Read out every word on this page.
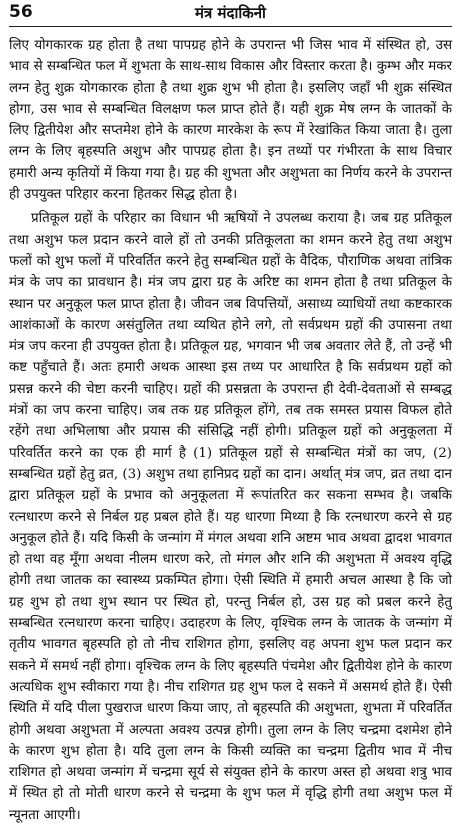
56	मंत्र मंदाकिनी

लिए योगकारक ग्रह होता है तथा पापग्रह होने के उपरान्त भी जिस भाव में संस्थित हो, उस भाव से सम्बन्धित फल में शुभता के साथ-साथ विकास और विस्तार करता है। कुम्भ और मकर लग्न हेतु शुक्र योगकारक होता है तथा शुक्र शुभ भी होता है। इसलिए जहाँ भी शुक्र संस्थित होगा, उस भाव से सम्बन्धित विलक्षण फल प्राप्त होते हैं। यही शुक्र मेष लग्न के जातकों के लिए द्वितीयेश और सप्तमेश होने के कारण मारकेश के रूप में रेखांकित किया जाता है। तुला लग्न के लिए बृहस्पति अशुभ और पापग्रह होता है। इन तथ्यों पर गंभीरता के साथ विचार हमारी अन्य कृतियों में किया गया है। ग्रह की शुभता और अशुभता का निर्णय करने के उपरान्त ही उपयुक्त परिहार करना हितकर सिद्ध होता है।

प्रतिकूल ग्रहों के परिहार का विधान भी ऋषियों ने उपलब्ध कराया है। जब ग्रह प्रतिकूल तथा अशुभ फल प्रदान करने वाले हों तो उनकी प्रतिकूलता का शमन करने हेतु तथा अशुभ फलों को शुभ फलों में परिवर्तित करने हेतु सम्बन्धित ग्रहों के वैदिक, पौराणिक अथवा तांत्रिक मंत्र के जप का प्रावधान है। मंत्र जप द्वारा ग्रह के अरिष्ट का शमन होता है तथा प्रतिकूल के स्थान पर अनुकूल फल प्राप्त होता है। जीवन जब विपत्तियों, असाध्य व्याधियों तथा कष्टकारक आशंकाओं के कारण असंतुलित तथा व्यथित होने लगे, तो सर्वप्रथम ग्रहों की उपासना तथा मंत्र जप करना ही उपयुक्त होता है। प्रतिकूल ग्रह, भगवान भी जब अवतार लेते हैं, तो उन्हें भी कष्ट पहुँचाते हैं। अतः हमारी अथक आस्था इस तथ्य पर आधारित है कि सर्वप्रथम ग्रहों को प्रसन्न करने की चेष्टा करनी चाहिए। ग्रहों की प्रसन्नता के उपरान्त ही देवी-देवताओं से सम्बद्ध मंत्रों का जप करना चाहिए। जब तक ग्रह प्रतिकूल होंगे, तब तक समस्त प्रयास विफल होते रहेंगे तथा अभिलाषा और प्रयास की संसिद्धि नहीं होगी। प्रतिकूल ग्रहों को अनुकूलता में परिवर्तित करने का एक ही मार्ग है (1) प्रतिकूल ग्रहों से सम्बन्धित मंत्रों का जप, (2) सम्बन्धित ग्रहों हेतु व्रत, (3) अशुभ तथा हानिप्रद ग्रहों का दान। अर्थात् मंत्र जप, व्रत तथा दान द्वारा प्रतिकूल ग्रहों के प्रभाव को अनुकूलता में रूपांतरित कर सकना सम्भव है। जबकि रत्नधारण करने से निर्बल ग्रह प्रबल होते हैं। यह धारणा मिथ्या है कि रत्नधारण करने से ग्रह अनुकूल होते हैं। यदि किसी के जन्मांग में मंगल अथवा शनि अष्टम भाव अथवा द्वादश भावगत हो तथा वह मूँगा अथवा नीलम धारण करे, तो मंगल और शनि की अशुभता में अवश्य वृद्धि होगी तथा जातक का स्वास्थ्य प्रकम्पित होगा। ऐसी स्थिति में हमारी अचल आस्था है कि जो ग्रह शुभ हो तथा शुभ स्थान पर स्थित हो, परन्तु निर्बल हो, उस ग्रह को प्रबल करने हेतु सम्बन्धित रत्नधारण करना चाहिए। उदाहरण के लिए, वृश्चिक लग्न के जातक के जन्मांग में तृतीय भावगत बृहस्पति हो तो नीच राशिगत होगा, इसलिए वह अपना शुभ फल प्रदान कर सकने में समर्थ नहीं होगा। वृश्चिक लग्न के लिए बृहस्पति पंचमेश और द्वितीयेश होने के कारण अत्यधिक शुभ स्वीकारा गया है। नीच राशिगत ग्रह शुभ फल दे सकने में असमर्थ होते हैं। ऐसी स्थिति में यदि पीला पुखराज धारण किया जाए, तो बृहस्पति की अशुभता, शुभता में परिवर्तित होगी अथवा अशुभता में अल्पता अवश्य उत्पन्न होगी। तुला लग्न के लिए चन्द्रमा दशमेश होने के कारण शुभ होता है। यदि तुला लग्न के किसी व्यक्ति का चन्द्रमा द्वितीय भाव में नीच राशिगत हो अथवा जन्मांग में चन्द्रमा सूर्य से संयुक्त होने के कारण अस्त हो अथवा शत्रु भाव में स्थित हो तो मोती धारण करने से चन्द्रमा के शुभ फल में वृद्धि होगी तथा अशुभ फल में न्यूनता आएगी।
